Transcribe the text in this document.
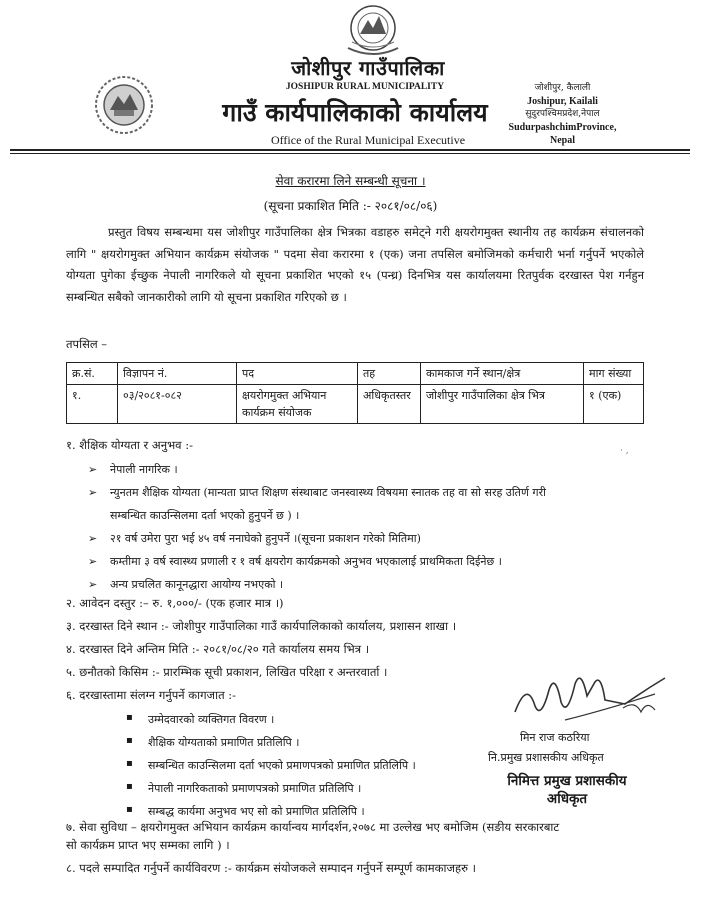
जोशीपुर गाउँपालिका
JOSHIPUR RURAL MUNICIPALITY
गाउँ कार्यपालिकाको कार्यालय
Office of the Rural Municipal Executive
जोशीपुर, कैलाली
Joshipur, Kailali
सुदुरपश्चिमप्रदेश,नेपाल
SudurpashchimProvince,
Nepal
सेवा करारमा लिने सम्बन्धी सूचना ।
(सूचना प्रकाशित मिति :- २०८१/०८/०६)
प्रस्तुत विषय सम्बन्धमा यस जोशीपुर गाउँपालिका क्षेत्र भित्रका वडाहरु समेट्ने गरी क्षयरोगमुक्त स्थानीय तह कार्यक्रम संचालनको लागि " क्षयरोगमुक्त अभियान कार्यक्रम संयोजक " पदमा सेवा करारमा १ (एक) जना तपसिल बमोजिमको कर्मचारी भर्ना गर्नुपर्ने भएकोले योग्यता पुगेका ईच्छुक नेपाली नागरिकले यो सूचना प्रकाशित भएको १५ (पन्ध्र) दिनभित्र यस कार्यालयमा रितपुर्वक दरखास्त पेश गर्नहुन सम्बन्धित सबैको जानकारीको लागि यो सूचना प्रकाशित गरिएको छ ।
तपसिल –
क्र.सं.	विज्ञापन नं.	पद	तह	कामकाज गर्ने स्थान/क्षेत्र	माग संख्या
१.	०३/२०८१-०८२	क्षयरोगमुक्त अभियान कार्यक्रम संयोजक	अधिकृतस्तर	जोशीपुर गाउँपालिका क्षेत्र भित्र	१ (एक)
· ,
१. शैक्षिक योग्यता र अनुभव :-
➢ नेपाली नागरिक ।
➢ न्युनतम शैक्षिक योग्यता (मान्यता प्राप्त शिक्षण संस्थाबाट जनस्वास्थ्य विषयमा स्नातक तह वा सो सरह उतिर्ण गरी
सम्बन्धित काउन्सिलमा दर्ता भएको हुनुपर्ने छ ) ।
➢ २१ वर्ष उमेरा पुरा भई ४५ वर्ष ननाघेको हुनुपर्ने ।(सूचना प्रकाशन गरेको मितिमा)
➢ कम्तीमा ३ वर्ष स्वास्थ्य प्रणाली र १ वर्ष क्षयरोग कार्यक्रमको अनुभव भएकालाई प्राथमिकता दिईनेछ ।
➢ अन्य प्रचलित कानूनद्धारा आयोग्य नभएको ।
२. आवेदन दस्तुर :– रु. १,०००/- (एक हजार मात्र ।)
३. दरखास्त दिने स्थान :- जोशीपुर गाउँपालिका गाउँ कार्यपालिकाको कार्यालय, प्रशासन शाखा ।
४. दरखास्त दिने अन्तिम मिति :- २०८१/०८/२० गते कार्यालय समय भित्र ।
५. छनौतको किसिम :- प्रारम्भिक सूची प्रकाशन, लिखित परिक्षा र अन्तरवार्ता ।
६. दरखास्तामा संलग्न गर्नुपर्ने कागजात :-
▪ उम्मेदवारको व्यक्तिगत विवरण ।
▪ शैक्षिक योग्यताको प्रमाणित प्रतिलिपि ।
▪ सम्बन्धित काउन्सिलमा दर्ता भएको प्रमाणपत्रको प्रमाणित प्रतिलिपि ।
▪ नेपाली नागरिकताको प्रमाणपत्रको प्रमाणित प्रतिलिपि ।
▪ सम्बद्ध कार्यमा अनुभव भए सो को प्रमाणित प्रतिलिपि ।
७. सेवा सुविधा – क्षयरोगमुक्त अभियान कार्यक्रम कार्यान्वय मार्गदर्शन,२०७८ मा उल्लेख भए बमोजिम (सङीय सरकारबाट
सो कार्यक्रम प्राप्त भए सम्मका लागि ) ।
८. पदले सम्पादित गर्नुपर्ने कार्यविवरण :- कार्यक्रम संयोजकले सम्पादन गर्नुपर्ने सम्पूर्ण कामकाजहरु ।
मिन राज कठरिया
नि.प्रमुख प्रशासकीय अधिकृत
निमित्त प्रमुख प्रशासकीय
अधिकृत
